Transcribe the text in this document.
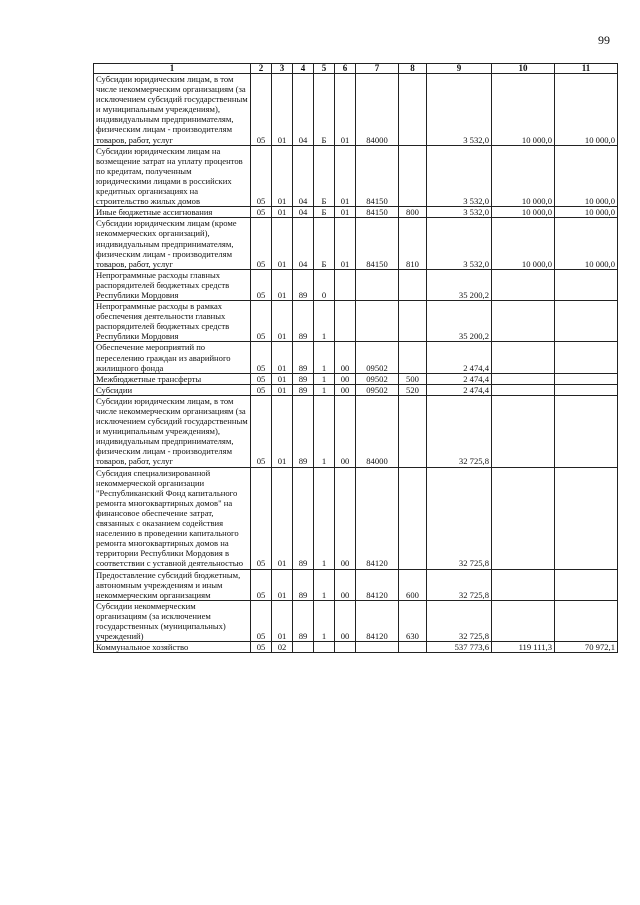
99
1	2	3	4	5	6	7	8	9	10	11
Субсидии юридическим лицам, в том числе некоммерческим организациям (за исключением субсидий государственным и муниципальным учреждениям), индивидуальным предпринимателям, физическим лицам - производителям товаров, работ, услуг	05	01	04	Б	01	84000		3 532,0	10 000,0	10 000,0
Субсидии юридическим лицам на возмещение затрат на уплату процентов по кредитам, полученным юридическими лицами в российских кредитных организациях на строительство жилых домов	05	01	04	Б	01	84150		3 532,0	10 000,0	10 000,0
Иные бюджетные ассигнования	05	01	04	Б	01	84150	800	3 532,0	10 000,0	10 000,0
Субсидии юридическим лицам (кроме некоммерческих организаций), индивидуальным предпринимателям, физическим лицам - производителям товаров, работ, услуг	05	01	04	Б	01	84150	810	3 532,0	10 000,0	10 000,0
Непрограммные расходы главных распорядителей бюджетных средств Республики Мордовия	05	01	89	0				35 200,2		
Непрограммные расходы в рамках обеспечения деятельности главных распорядителей бюджетных средств Республики Мордовия	05	01	89	1				35 200,2		
Обеспечение мероприятий по переселению граждан из аварийного жилищного фонда	05	01	89	1	00	09502		2 474,4		
Межбюджетные трансферты	05	01	89	1	00	09502	500	2 474,4		
Субсидии	05	01	89	1	00	09502	520	2 474,4		
Субсидии юридическим лицам, в том числе некоммерческим организациям (за исключением субсидий государственным и муниципальным учреждениям), индивидуальным предпринимателям, физическим лицам - производителям товаров, работ, услуг	05	01	89	1	00	84000		32 725,8		
Субсидия специализированной некоммерческой организации "Республиканский Фонд капитального ремонта многоквартирных домов" на финансовое обеспечение затрат, связанных с оказанием содействия населению в проведении капитального ремонта многоквартирных домов на территории Республики Мордовия в соответствии с уставной деятельностью	05	01	89	1	00	84120		32 725,8		
Предоставление субсидий бюджетным, автономным учреждениям и иным некоммерческим организациям	05	01	89	1	00	84120	600	32 725,8		
Субсидии некоммерческим организациям (за исключением государственных (муниципальных) учреждений)	05	01	89	1	00	84120	630	32 725,8		
Коммунальное хозяйство	05	02						537 773,6	119 111,3	70 972,1
